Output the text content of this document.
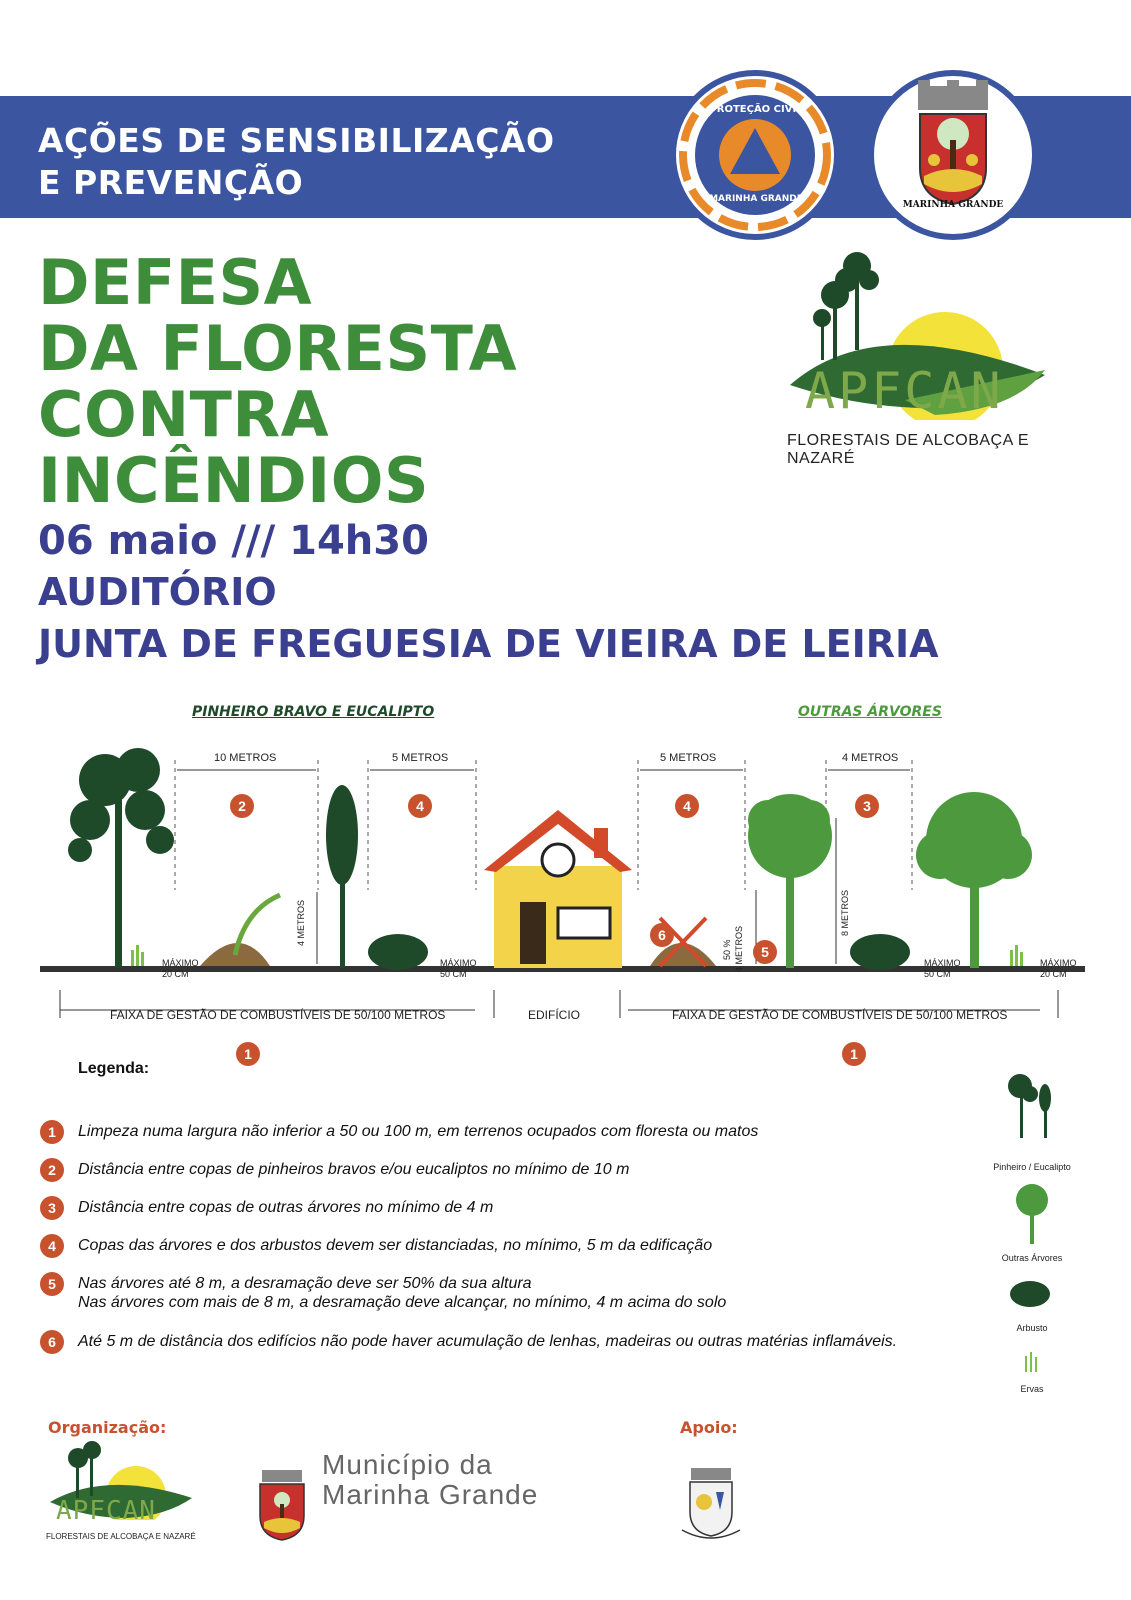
AÇÕES DE SENSIBILIZAÇÃO
E PREVENÇÃO
PROTEÇÃO CIVIL
MARINHA GRANDE
MARINHA GRANDE
DEFESA
DA FLORESTA
CONTRA
INCÊNDIOS
06 maio /// 14h30
AUDITÓRIO
JUNTA DE FREGUESIA DE VIEIRA DE LEIRIA
APFCAN
FLORESTAIS DE ALCOBAÇA E NAZARÉ
PINHEIRO BRAVO E EUCALIPTO	OUTRAS ÁRVORES
10 METROS	5 METROS	5 METROS	4 METROS
4 METROS	8 METROS
50 % 4 METROS
MÁXIMO
20 CM
MÁXIMO
50 CM
MÁXIMO
50 CM
MÁXIMO
20 CM
FAIXA DE GESTÃO DE COMBUSTÍVEIS DE 50/100 METROS	EDIFÍCIO	FAIXA DE GESTÃO DE COMBUSTÍVEIS DE 50/100 METROS
2	4	4	3
6
5
1	1
Legenda:
1	Limpeza numa largura não inferior a 50 ou 100 m, em terrenos ocupados com floresta ou matos
2	Distância entre copas de pinheiros bravos e/ou eucaliptos no mínimo de 10 m
3	Distância entre copas de outras árvores no mínimo de 4 m
4	Copas das árvores e dos arbustos devem ser distanciadas, no mínimo, 5 m da edificação
5	Nas árvores até 8 m, a desramação deve ser 50% da sua altura
Nas árvores com mais de 8 m, a desramação deve alcançar, no mínimo, 4 m acima do solo
6	Até 5 m de distância dos edifícios não pode haver acumulação de lenhas, madeiras ou outras matérias inflamáveis.
Pinheiro / Eucalipto
Outras Árvores
Arbusto
Ervas
Organização:	Apoio:
APFCAN
FLORESTAIS DE ALCOBAÇA E NAZARÉ
Município da
Marinha Grande
